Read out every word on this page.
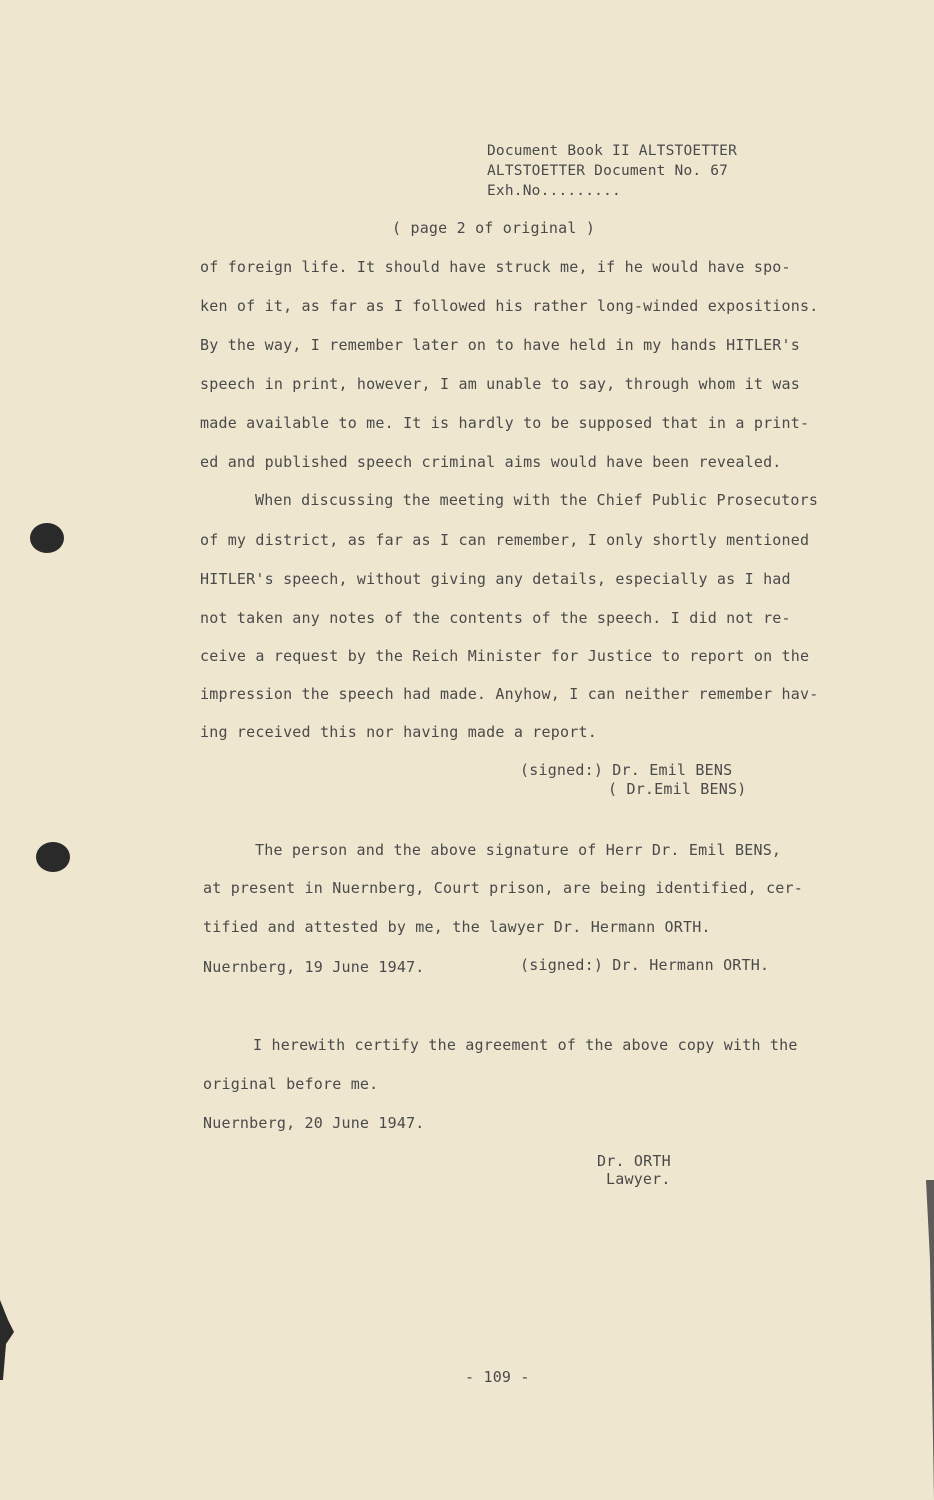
Document Book II ALTSTOETTER
ALTSTOETTER Document No. 67
Exh.No.........
( page 2 of original )
of foreign life. It should have struck me, if he would have spo-
ken of it, as far as I followed his rather long-winded expositions.
By the way, I remember later on to have held in my hands HITLER's
speech in print, however, I am unable to say, through whom it was
made available to me. It is hardly to be supposed that in a print-
ed and published speech criminal aims would have been revealed.
When discussing the meeting with the Chief Public Prosecutors
of my district, as far as I can remember, I only shortly mentioned
HITLER's speech, without giving any details, especially as I had
not taken any notes of the contents of the speech. I did not re-
ceive a request by the Reich Minister for Justice to report on the
impression the speech had made. Anyhow, I can neither remember hav-
ing received this nor having made a report.
(signed:) Dr. Emil BENS
( Dr.Emil BENS)
The person and the above signature of Herr Dr. Emil BENS,
at present in Nuernberg, Court prison, are being identified, cer-
tified and attested by me, the lawyer Dr. Hermann ORTH.
Nuernberg, 19 June 1947.	(signed:) Dr. Hermann ORTH.
I herewith certify the agreement of the above copy with the
original before me.
Nuernberg, 20 June 1947.
Dr. ORTH
Lawyer.
- 109 -
